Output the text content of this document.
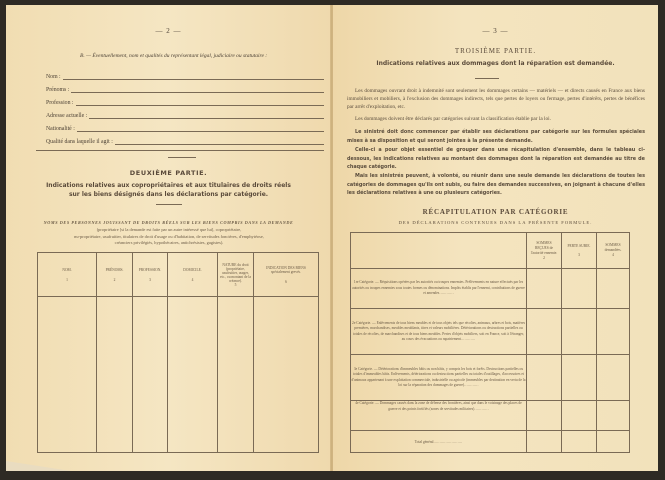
— 2 —
B. — Éventuellement, nom et qualités du représentant légal, judiciaire ou statutaire :
Nom :
Prénoms :
Profession :
Adresse actuelle :
Nationalité :
Qualité dans laquelle il agit :
DEUXIÈME PARTIE.
Indications relatives aux copropriétaires et aux titulaires de droits réels
sur les biens désignés dans les déclarations par catégorie.
NOMS DES PERSONNES JOUISSANT DE DROITS RÉELS SUR LES BIENS COMPRIS DANS LA DEMANDE
(propriétaire [si la demande est faite par un autre intéressé que lui], copropriétaire,
nu-propriétaire, usufruitier, titulaires de droit d'usage ou d'habitation, de servitudes foncières, d'emphytéose,
créanciers privilégiés, hypothécaires, antichrésistes, gagistes).
NOM.
1

PRÉNOMS.
2

PROFESSION.
3

DOMICILE.
4

NATURE du droit (propriétaire, usufruitier, usager, etc., ou montant de la créance).
5

INDICATION DES BIENS spécialement grevés.
6

— 3 —
TROISIÈME PARTIE.
Indications relatives aux dommages dont la réparation est demandée.
Les dommages ouvrant droit à indemnité sont seulement les dommages certains — matériels — et directs causés en France aux biens immobiliers et mobiliers, à l'exclusion des dommages indirects, tels que pertes de loyers ou fermage, pertes d'intérêts, pertes de bénéfices par arrêt d'exploitation, etc.
Les dommages doivent être déclarés par catégories suivant la classification établie par la loi.
Le sinistré doit donc commencer par établir ses déclarations par catégorie sur les formules spéciales mises à sa disposition et qui seront jointes à la présente demande.
Celle-ci a pour objet essentiel de grouper dans une récapitulation d'ensemble, dans le tableau ci-dessous, les indications relatives au montant des dommages dont la réparation est demandée au titre de chaque catégorie.
Mais les sinistrés peuvent, à volonté, ou réunir dans une seule demande les déclarations de toutes les catégories de dommages qu'ils ont subis, ou faire des demandes successives, en joignant à chacune d'elles les déclarations relatives à une ou plusieurs catégories.
RÉCAPITULATION PAR CATÉGORIE
DES DÉCLARATIONS CONTENUES DANS LA PRÉSENTE FORMULE.

SOMMES REÇUES de l'autorité ennemie.
2

PERTE SUBIE.
3

SOMMES demandées.
4

1re Catégorie. — Réquisitions opérées par les autorités ou troupes ennemies. Prélèvements en nature effectués par les autorités ou troupes ennemies sous toutes formes ou dénominations. Impôts établis par l'ennemi, contributions de guerre et amendes…………			
2e Catégorie. — Enlèvements de tous biens meubles et de tous objets tels que récoltes, animaux, arbres et bois, matières premières, marchandises, meubles meublants, titres et valeurs mobilières. Détériorations ou destructions partielles ou totales de récoltes, de marchandises et de tous biens meubles. Pertes d'objets mobiliers, soit en France, soit à l'étranger, au cours des évacuations ou rapatriement…………			
3e Catégorie. — Détériorations d'immeubles bâtis ou non bâtis, y compris les bois et forêts. Destructions partielles ou totales d'immeubles bâtis. Enlèvements, détériorations ou destructions partielles ou totales d'outillages, d'accessoires et d'animaux appartenant à une exploitation commerciale, industrielle ou agricole (immeubles par destination en vertu de la loi sur la réparation des dommages de guerre)…………			
4e Catégorie. — Dommages causés dans la zone de défense des frontières, ainsi que dans le voisinage des places de guerre et des points fortifiés (zones de servitudes militaires)…………			
Total général……………………			
